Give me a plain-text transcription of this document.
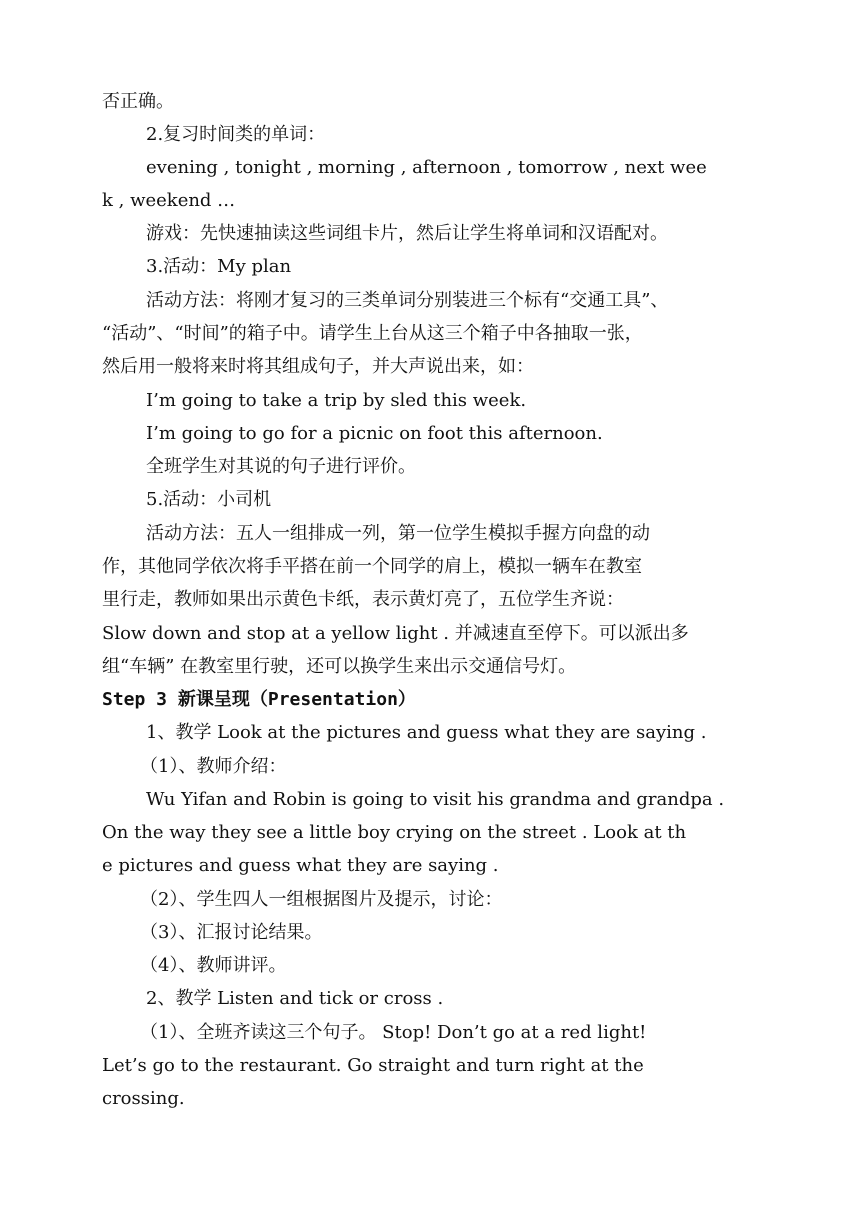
否正确。
2.复习时间类的单词：
evening , tonight , morning , afternoon , tomorrow , next wee
k , weekend …
游戏：先快速抽读这些词组卡片，然后让学生将单词和汉语配对。
3.活动：My plan
活动方法：将刚才复习的三类单词分别装进三个标有“交通工具”、
“活动”、“时间”的箱子中。请学生上台从这三个箱子中各抽取一张，
然后用一般将来时将其组成句子，并大声说出来，如：
I’m going to take a trip by sled this week.
I’m going to go for a picnic on foot this afternoon.
全班学生对其说的句子进行评价。
5.活动：小司机
活动方法：五人一组排成一列，第一位学生模拟手握方向盘的动
作，其他同学依次将手平搭在前一个同学的肩上，模拟一辆车在教室
里行走，教师如果出示黄色卡纸，表示黄灯亮了，五位学生齐说：
Slow down and stop at a yellow light . 并减速直至停下。可以派出多
组“车辆” 在教室里行驶，还可以换学生来出示交通信号灯。
Step 3 新课呈现（Presentation）
1、教学 Look at the pictures and guess what they are saying .
（1）、教师介绍：
Wu Yifan and Robin is going to visit his grandma and grandpa .
On the way they see a little boy crying on the street . Look at th
e pictures and guess what they are saying .
（2）、学生四人一组根据图片及提示，讨论：
（3）、汇报讨论结果。
（4）、教师讲评。
2、教学 Listen and tick or cross .
（1）、全班齐读这三个句子。 Stop! Don’t go at a red light!
Let’s go to the restaurant. Go straight and turn right at the
crossing.
